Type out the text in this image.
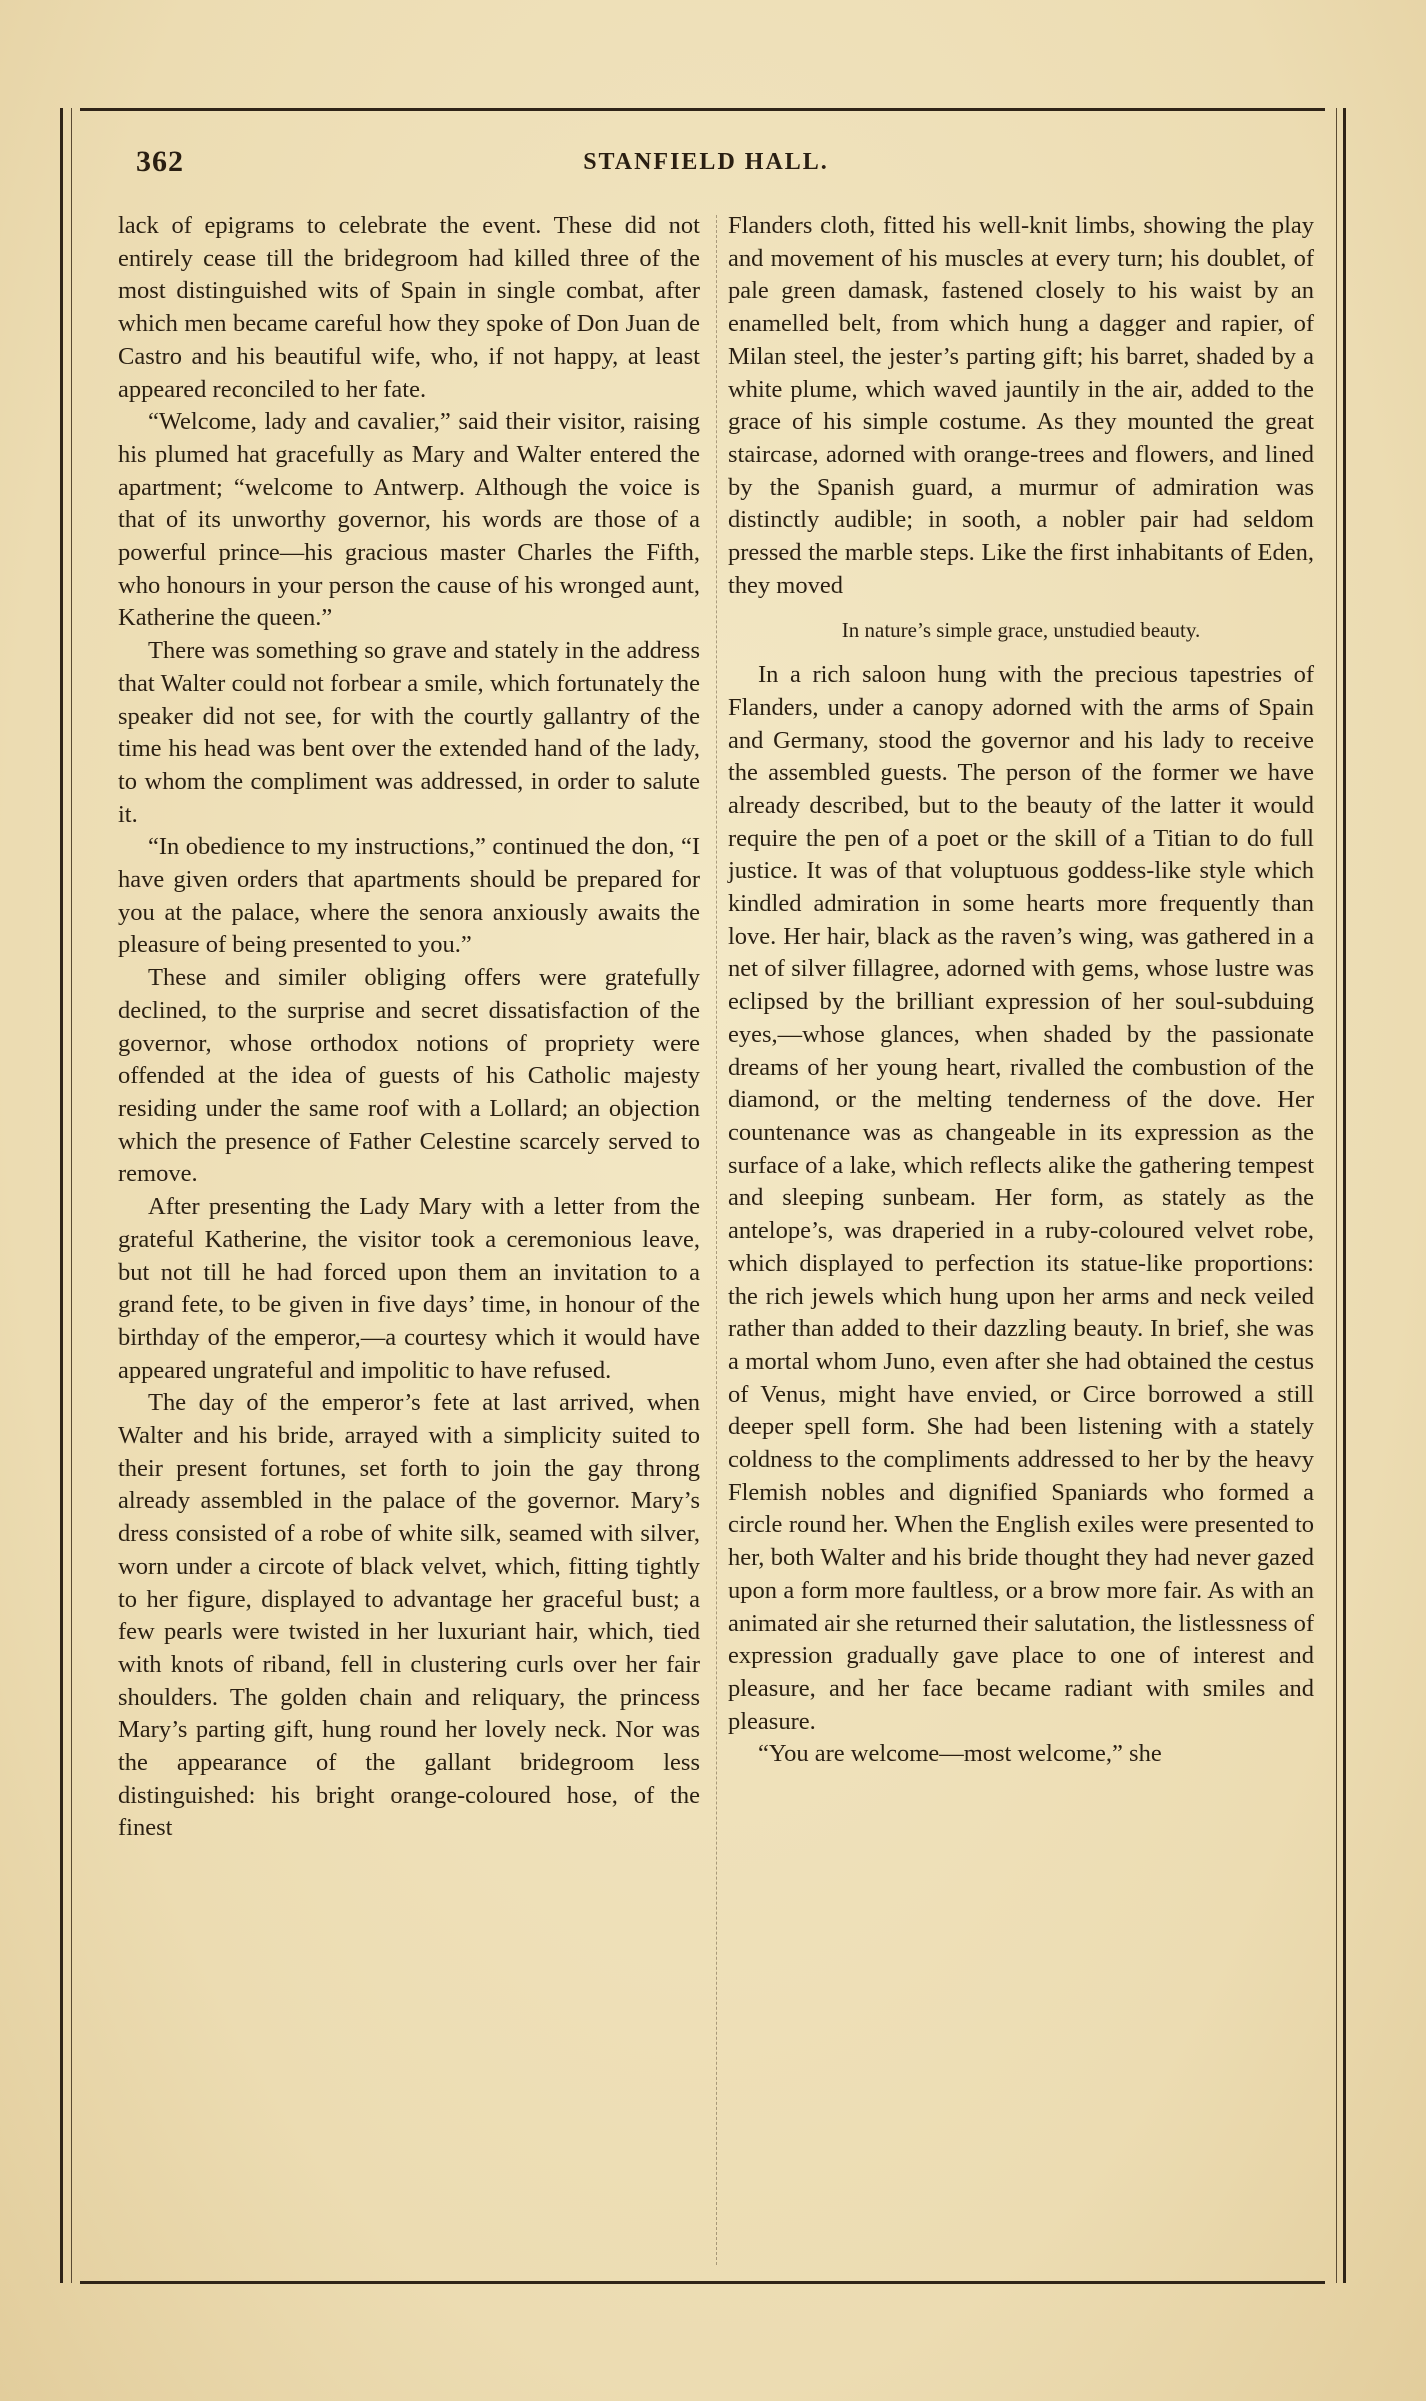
362	STANFIELD HALL.

lack of epigrams to celebrate the event. These did not entirely cease till the bridegroom had killed three of the most distinguished wits of Spain in single combat, after which men became careful how they spoke of Don Juan de Castro and his beautiful wife, who, if not happy, at least appeared reconciled to her fate.

“Welcome, lady and cavalier,” said their visitor, raising his plumed hat gracefully as Mary and Walter entered the apartment; “welcome to Antwerp. Although the voice is that of its unworthy governor, his words are those of a powerful prince—his gracious master Charles the Fifth, who honours in your person the cause of his wronged aunt, Katherine the queen.”

There was something so grave and stately in the address that Walter could not forbear a smile, which fortunately the speaker did not see, for with the courtly gallantry of the time his head was bent over the extended hand of the lady, to whom the compliment was addressed, in order to salute it.

“In obedience to my instructions,” continued the don, “I have given orders that apartments should be prepared for you at the palace, where the senora anxiously awaits the pleasure of being presented to you.”

These and similer obliging offers were gratefully declined, to the surprise and secret dissatisfaction of the governor, whose orthodox notions of propriety were offended at the idea of guests of his Catholic majesty residing under the same roof with a Lollard; an objection which the presence of Father Celestine scarcely served to remove.

After presenting the Lady Mary with a letter from the grateful Katherine, the visitor took a ceremonious leave, but not till he had forced upon them an invitation to a grand fete, to be given in five days’ time, in honour of the birthday of the emperor,—a courtesy which it would have appeared ungrateful and impolitic to have refused.

The day of the emperor’s fete at last arrived, when Walter and his bride, arrayed with a simplicity suited to their present fortunes, set forth to join the gay throng already assembled in the palace of the governor. Mary’s dress consisted of a robe of white silk, seamed with silver, worn under a circote of black velvet, which, fitting tightly to her figure, displayed to advantage her graceful bust; a few pearls were twisted in her luxuriant hair, which, tied with knots of riband, fell in clustering curls over her fair shoulders. The golden chain and reliquary, the princess Mary’s parting gift, hung round her lovely neck. Nor was the appearance of the gallant bridegroom less distinguished: his bright orange-coloured hose, of the finest

Flanders cloth, fitted his well-knit limbs, showing the play and movement of his muscles at every turn; his doublet, of pale green damask, fastened closely to his waist by an enamelled belt, from which hung a dagger and rapier, of Milan steel, the jester’s parting gift; his barret, shaded by a white plume, which waved jauntily in the air, added to the grace of his simple costume. As they mounted the great staircase, adorned with orange-trees and flowers, and lined by the Spanish guard, a murmur of admiration was distinctly audible; in sooth, a nobler pair had seldom pressed the marble steps. Like the first inhabitants of Eden, they moved

In nature’s simple grace, unstudied beauty.

In a rich saloon hung with the precious tapestries of Flanders, under a canopy adorned with the arms of Spain and Germany, stood the governor and his lady to receive the assembled guests. The person of the former we have already described, but to the beauty of the latter it would require the pen of a poet or the skill of a Titian to do full justice. It was of that voluptuous goddess-like style which kindled admiration in some hearts more frequently than love. Her hair, black as the raven’s wing, was gathered in a net of silver fillagree, adorned with gems, whose lustre was eclipsed by the brilliant expression of her soul-subduing eyes,—whose glances, when shaded by the passionate dreams of her young heart, rivalled the combustion of the diamond, or the melting tenderness of the dove. Her countenance was as changeable in its expression as the surface of a lake, which reflects alike the gathering tempest and sleeping sunbeam. Her form, as stately as the antelope’s, was draperied in a ruby-coloured velvet robe, which displayed to perfection its statue-like proportions: the rich jewels which hung upon her arms and neck veiled rather than added to their dazzling beauty. In brief, she was a mortal whom Juno, even after she had obtained the cestus of Venus, might have envied, or Circe borrowed a still deeper spell form. She had been listening with a stately coldness to the compliments addressed to her by the heavy Flemish nobles and dignified Spaniards who formed a circle round her. When the English exiles were presented to her, both Walter and his bride thought they had never gazed upon a form more faultless, or a brow more fair. As with an animated air she returned their salutation, the listlessness of expression gradually gave place to one of interest and pleasure, and her face became radiant with smiles and pleasure.

“You are welcome—most welcome,” she
